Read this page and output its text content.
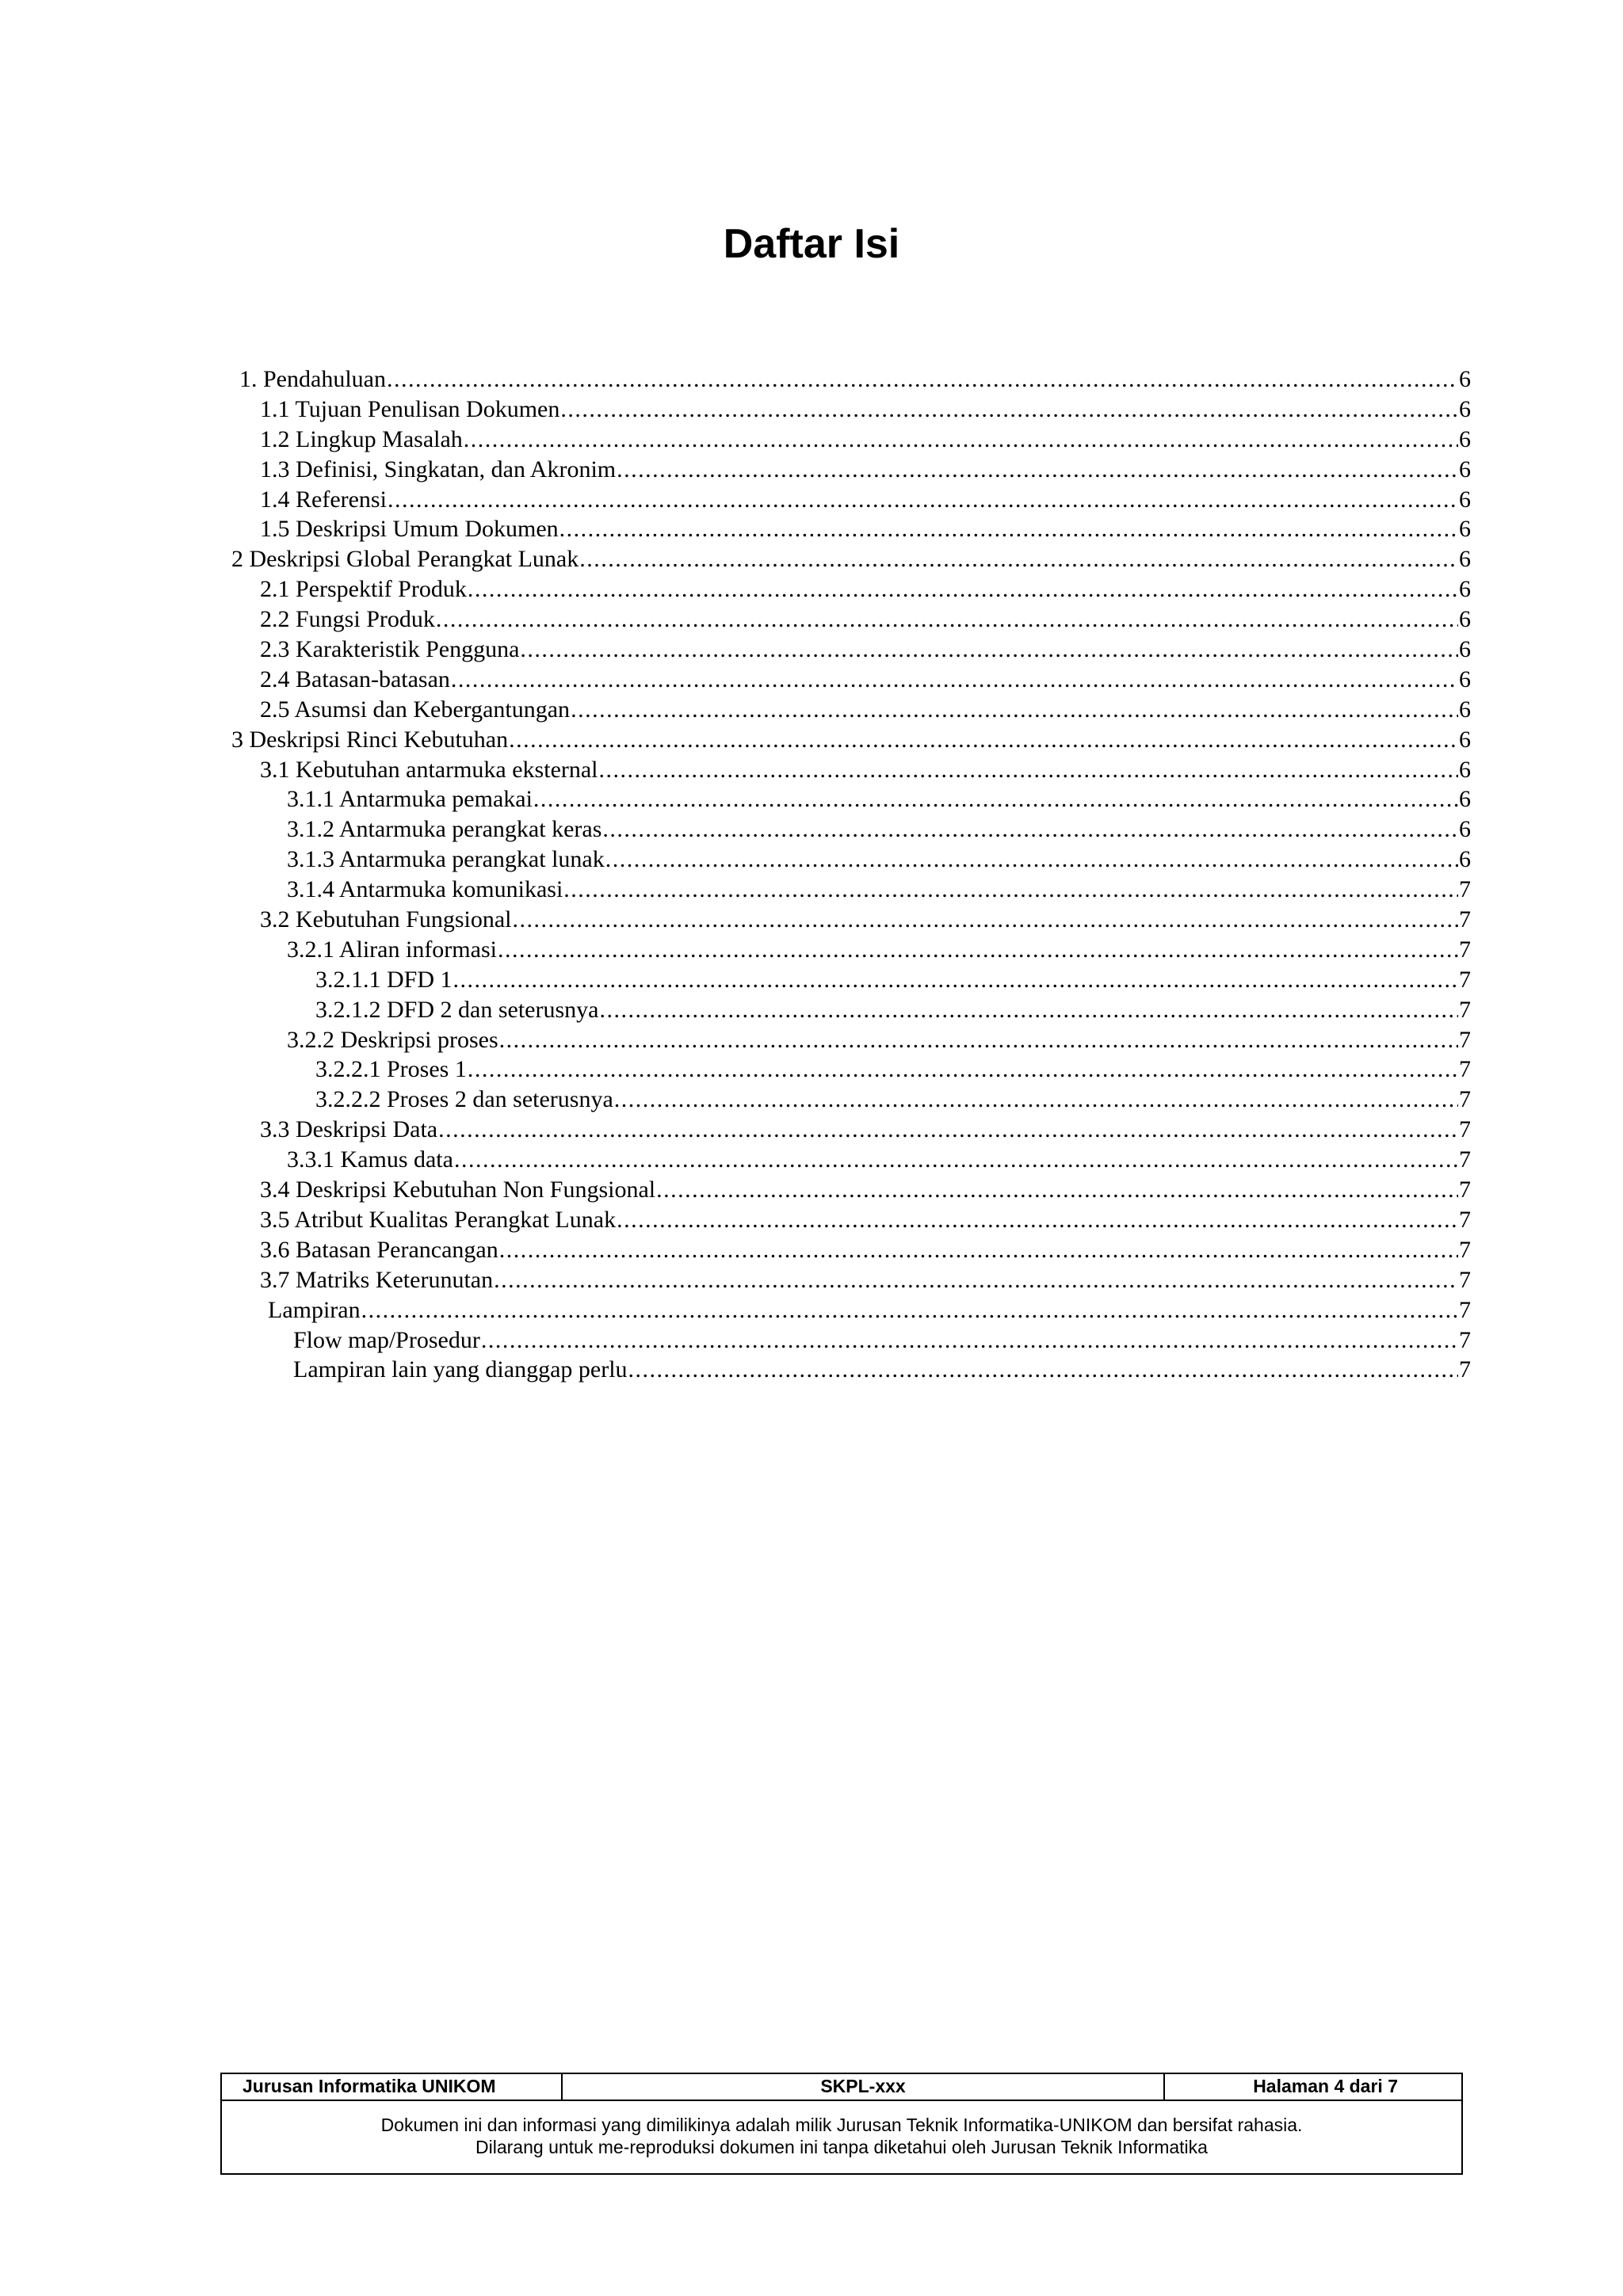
Daftar Isi
1. Pendahuluan .....	6
1.1 Tujuan Penulisan Dokumen .....	6
1.2 Lingkup Masalah .....	6
1.3 Definisi, Singkatan, dan Akronim .....	6
1.4 Referensi .....	6
1.5 Deskripsi Umum Dokumen .....	6
2 Deskripsi Global Perangkat Lunak .....	6
2.1 Perspektif Produk .....	6
2.2 Fungsi Produk .....	6
2.3 Karakteristik Pengguna .....	6
2.4 Batasan-batasan .....	6
2.5 Asumsi dan Kebergantungan .....	6
3 Deskripsi Rinci Kebutuhan .....	6
3.1 Kebutuhan antarmuka eksternal .....	6
3.1.1 Antarmuka pemakai .....	6
3.1.2 Antarmuka perangkat keras .....	6
3.1.3 Antarmuka perangkat lunak .....	6
3.1.4 Antarmuka komunikasi .....	7
3.2 Kebutuhan Fungsional .....	7
3.2.1 Aliran informasi .....	7
3.2.1.1 DFD 1 .....	7
3.2.1.2 DFD 2 dan seterusnya .....	7
3.2.2 Deskripsi proses .....	7
3.2.2.1 Proses 1 .....	7
3.2.2.2 Proses 2 dan seterusnya .....	7
3.3 Deskripsi Data .....	7
3.3.1 Kamus data .....	7
3.4 Deskripsi Kebutuhan Non Fungsional .....	7
3.5 Atribut Kualitas Perangkat Lunak .....	7
3.6 Batasan Perancangan .....	7
3.7 Matriks Keterunutan .....	7
Lampiran .....	7
Flow map/Prosedur .....	7
Lampiran lain yang dianggap perlu .....	7
Jurusan Informatika UNIKOM	SKPL-xxx	Halaman 4 dari 7
Dokumen ini dan informasi yang dimilikinya adalah milik Jurusan Teknik Informatika-UNIKOM dan bersifat rahasia.
Dilarang untuk me-reproduksi dokumen ini tanpa diketahui oleh Jurusan Teknik Informatika
